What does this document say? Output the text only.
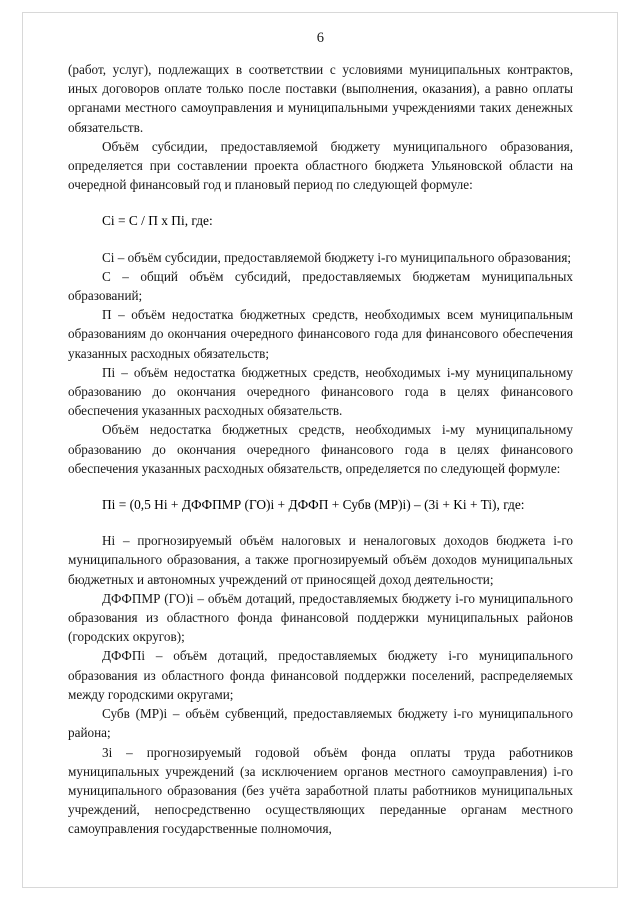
6

(работ, услуг), подлежащих в соответствии с условиями муниципальных контрактов, иных договоров оплате только после поставки (выполнения, оказания), а равно оплаты органами местного самоуправления и муниципальными учреждениями таких денежных обязательств.

Объём субсидии, предоставляемой бюджету муниципального образования, определяется при составлении проекта областного бюджета Ульяновской области на очередной финансовый год и плановый период по следующей формуле:

Ci = C / П х Пi, где:

Ci – объём субсидии, предоставляемой бюджету i-го муниципального образования;

С – общий объём субсидий, предоставляемых бюджетам муниципальных образований;

П – объём недостатка бюджетных средств, необходимых всем муниципальным образованиям до окончания очередного финансового года для финансового обеспечения указанных расходных обязательств;

Пi – объём недостатка бюджетных средств, необходимых i-му муниципальному образованию до окончания очередного финансового года в целях финансового обеспечения указанных расходных обязательств.

Объём недостатка бюджетных средств, необходимых i-му муниципальному образованию до окончания очередного финансового года в целях финансового обеспечения указанных расходных обязательств, определяется по следующей формуле:

Пi = (0,5 Hi + ДФФПМР (ГО)i + ДФФП + Субв (МР)i) – (3i + Ki + Ti), где:

Hi – прогнозируемый объём налоговых и неналоговых доходов бюджета i-го муниципального образования, а также прогнозируемый объём доходов муниципальных бюджетных и автономных учреждений от приносящей доход деятельности;

ДФФПМР (ГО)i – объём дотаций, предоставляемых бюджету i-го муниципального образования из областного фонда финансовой поддержки муниципальных районов (городских округов);

ДФФПi – объём дотаций, предоставляемых бюджету i-го муниципального образования из областного фонда финансовой поддержки поселений, распределяемых между городскими округами;

Субв (МР)i – объём субвенций, предоставляемых бюджету i-го муниципального района;

3i – прогнозируемый годовой объём фонда оплаты труда работников муниципальных учреждений (за исключением органов местного самоуправления) i-го муниципального образования (без учёта заработной платы работников муниципальных учреждений, непосредственно осуществляющих переданные органам местного самоуправления государственные полномочия,
